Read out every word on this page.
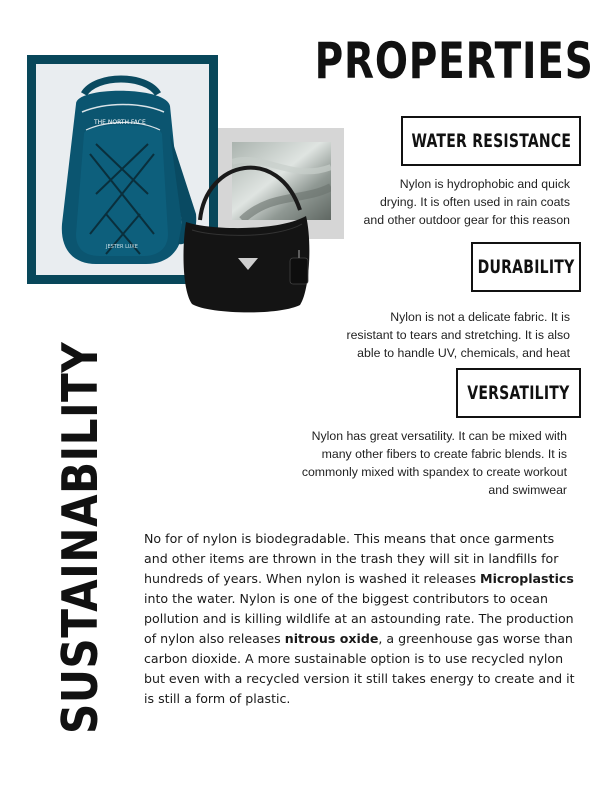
PROPERTIES
THE NORTH FACE
JESTER LUXE
WATER RESISTANCE

Nylon is hydrophobic and quick
drying. It is often used in rain coats
and other outdoor gear for this reason

DURABILITY

Nylon is not a delicate fabric. It is
resistant to tears and stretching. It is also
able to handle UV, chemicals, and heat

VERSATILITY

Nylon has great versatility. It can be mixed with
many other fibers to create fabric blends. It is
commonly mixed with spandex to create workout
and swimwear

SUSTAINABILITY	No for of nylon is biodegradable. This means that once garments and other items are thrown in the trash they will sit in landfills for hundreds of years. When nylon is washed it releases Microplastics into the water. Nylon is one of the biggest contributors to ocean pollution and is killing wildlife at an astounding rate. The production of nylon also releases nitrous oxide, a greenhouse gas worse than carbon dioxide. A more sustainable option is to use recycled nylon but even with a recycled version it still takes energy to create and it is still a form of plastic.
